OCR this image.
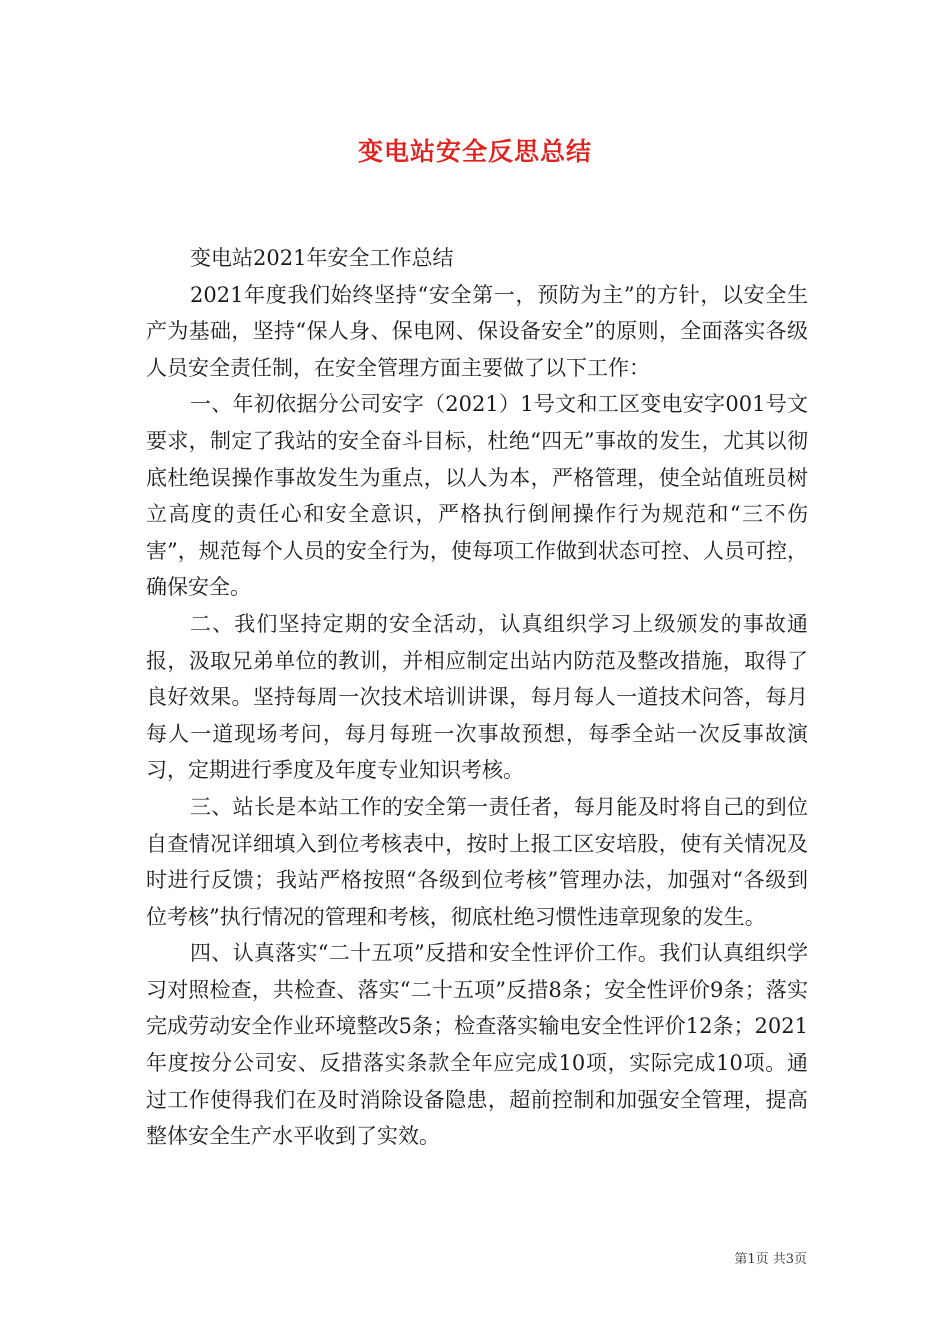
变电站安全反思总结
变电站2021年安全工作总结

2021年度我们始终坚持“安全第一，预防为主”的方针，以安全生产为基础，坚持“保人身、保电网、保设备安全”的原则，全面落实各级人员安全责任制，在安全管理方面主要做了以下工作：

一、年初依据分公司安字（2021）1号文和工区变电安字001号文要求，制定了我站的安全奋斗目标，杜绝“四无”事故的发生，尤其以彻底杜绝误操作事故发生为重点，以人为本，严格管理，使全站值班员树立高度的责任心和安全意识，严格执行倒闸操作行为规范和“三不伤害”，规范每个人员的安全行为，使每项工作做到状态可控、人员可控，确保安全。

二、我们坚持定期的安全活动，认真组织学习上级颁发的事故通报，汲取兄弟单位的教训，并相应制定出站内防范及整改措施，取得了良好效果。坚持每周一次技术培训讲课，每月每人一道技术问答，每月每人一道现场考问，每月每班一次事故预想，每季全站一次反事故演习，定期进行季度及年度专业知识考核。

三、站长是本站工作的安全第一责任者，每月能及时将自己的到位自查情况详细填入到位考核表中，按时上报工区安培股，使有关情况及时进行反馈；我站严格按照“各级到位考核”管理办法，加强对“各级到位考核”执行情况的管理和考核，彻底杜绝习惯性违章现象的发生。

四、认真落实“二十五项”反措和安全性评价工作。我们认真组织学习对照检查，共检查、落实“二十五项”反措8条；安全性评价9条；落实完成劳动安全作业环境整改5条；检查落实输电安全性评价12条；2021年度按分公司安、反措落实条款全年应完成10项，实际完成10项。通过工作使得我们在及时消除设备隐患，超前控制和加强安全管理，提高整体安全生产水平收到了实效。

第1页 共3页
